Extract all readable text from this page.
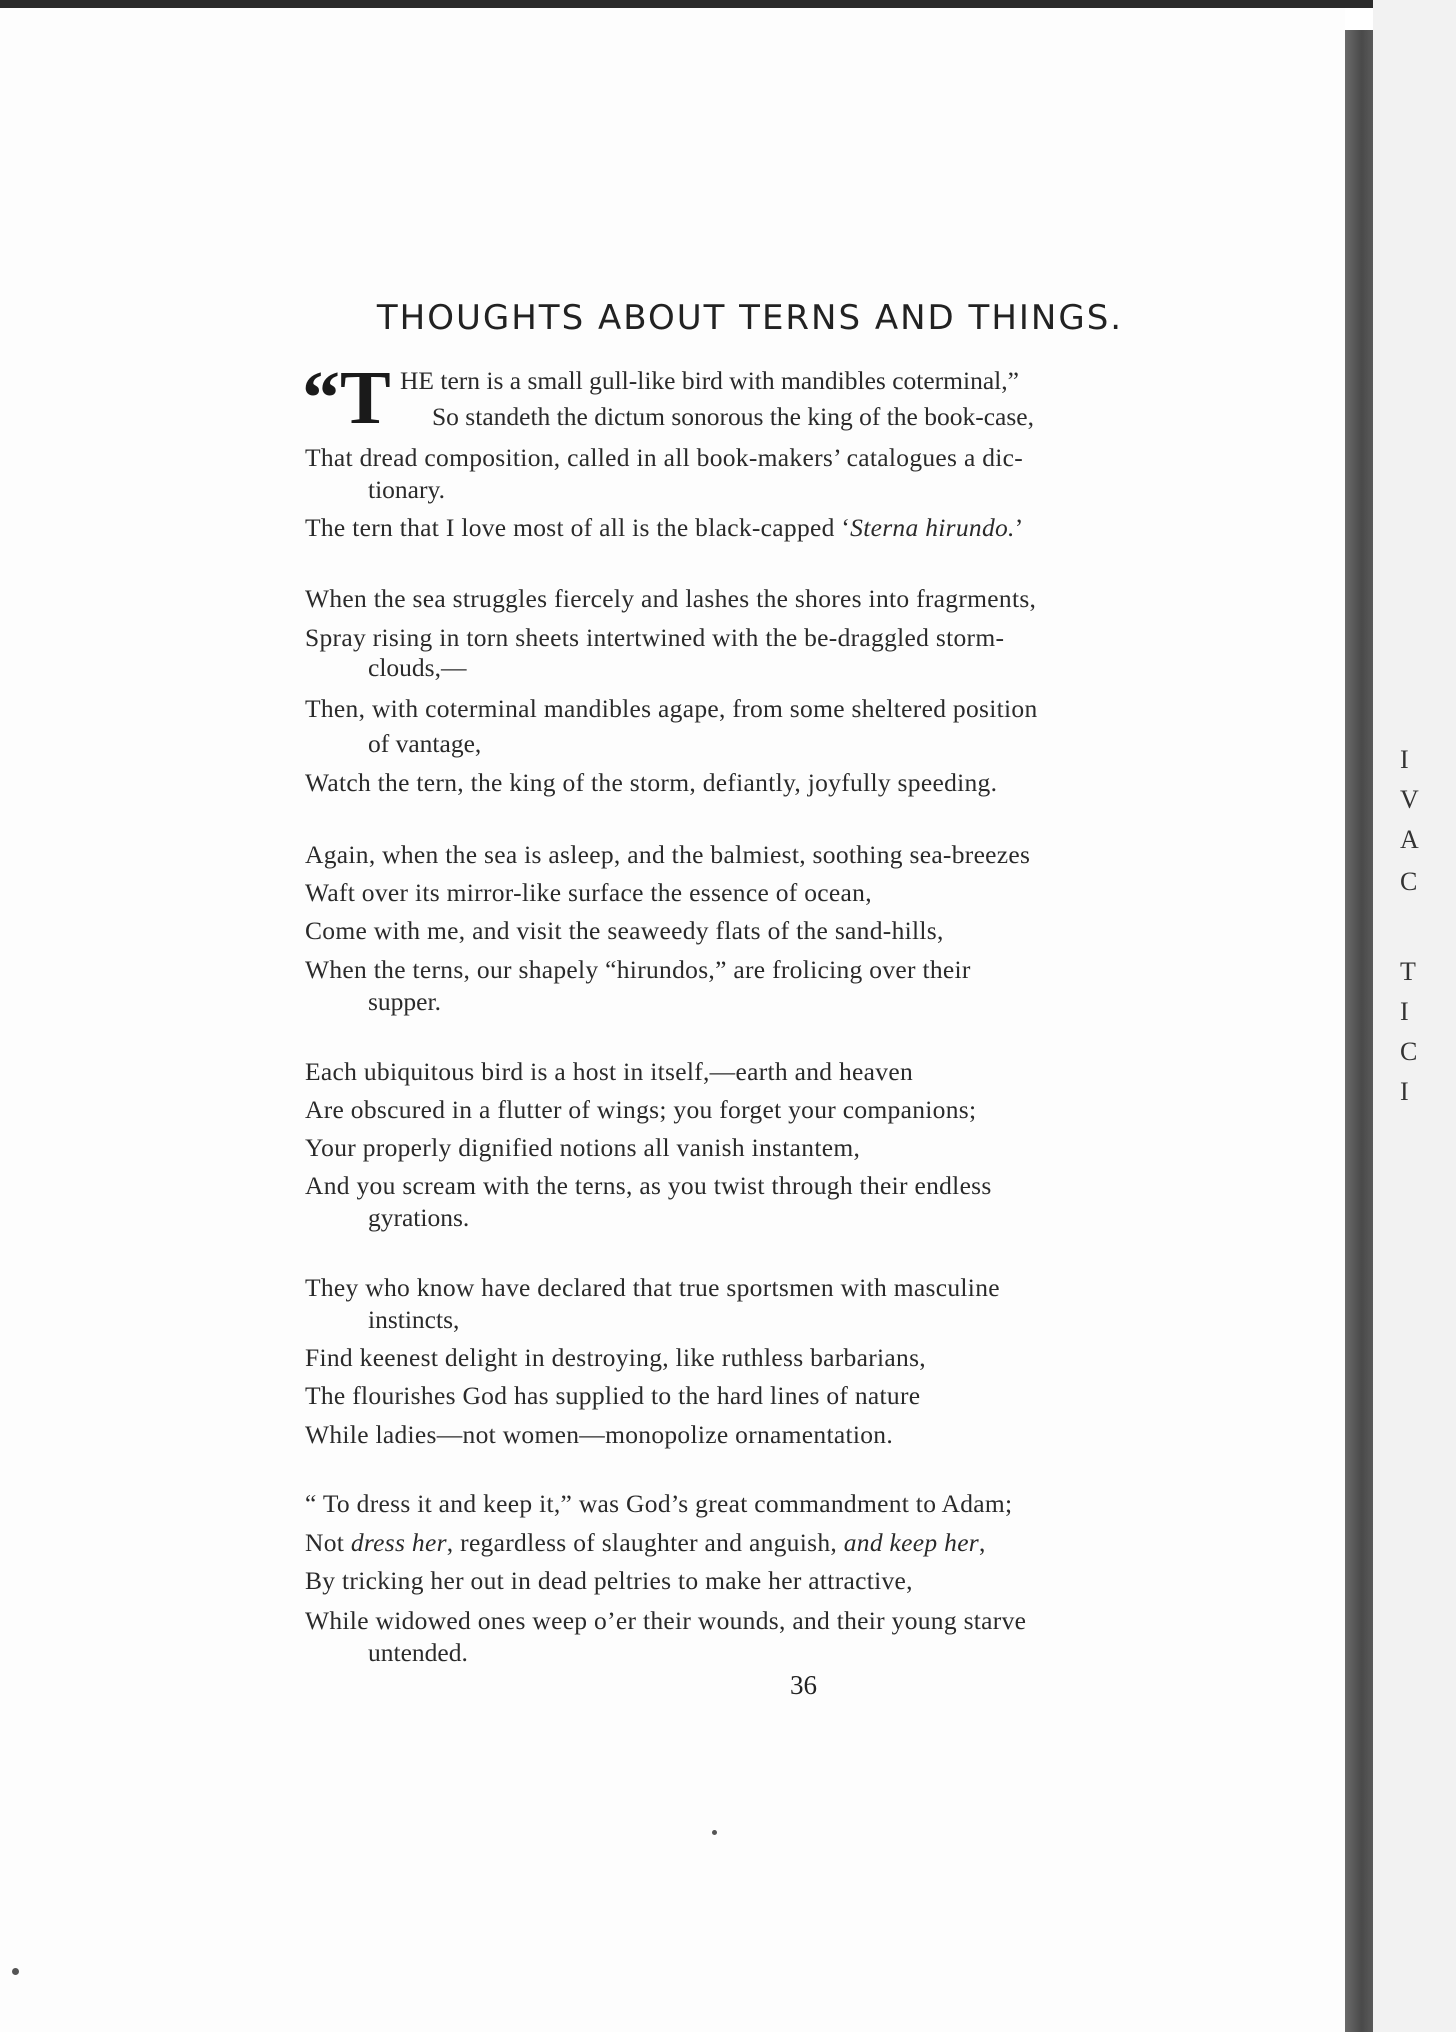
I
V
A
C
T
I
C
I
THOUGHTS ABOUT TERNS AND THINGS.
“T HE tern is a small gull-like bird with mandibles coterminal,”
So standeth the dictum sonorous the king of the book-case,
That dread composition, called in all book-makers’ catalogues a dic-
tionary.
The tern that I love most of all is the black-capped ‘Sterna hirundo.’
When the sea struggles fiercely and lashes the shores into fragrments,
Spray rising in torn sheets intertwined with the be-draggled storm-
clouds,—
Then, with coterminal mandibles agape, from some sheltered position
of vantage,
Watch the tern, the king of the storm, defiantly, joyfully speeding.
Again, when the sea is asleep, and the balmiest, soothing sea-breezes
Waft over its mirror-like surface the essence of ocean,
Come with me, and visit the seaweedy flats of the sand-hills,
When the terns, our shapely “hirundos,” are frolicing over their
supper.
Each ubiquitous bird is a host in itself,—earth and heaven
Are obscured in a flutter of wings; you forget your companions;
Your properly dignified notions all vanish instantem,
And you scream with the terns, as you twist through their endless
gyrations.
They who know have declared that true sportsmen with masculine
instincts,
Find keenest delight in destroying, like ruthless barbarians,
The flourishes God has supplied to the hard lines of nature
While ladies—not women—monopolize ornamentation.
“ To dress it and keep it,” was God’s great commandment to Adam;
Not dress her, regardless of slaughter and anguish, and keep her,
By tricking her out in dead peltries to make her attractive,
While widowed ones weep o’er their wounds, and their young starve
untended.
36
